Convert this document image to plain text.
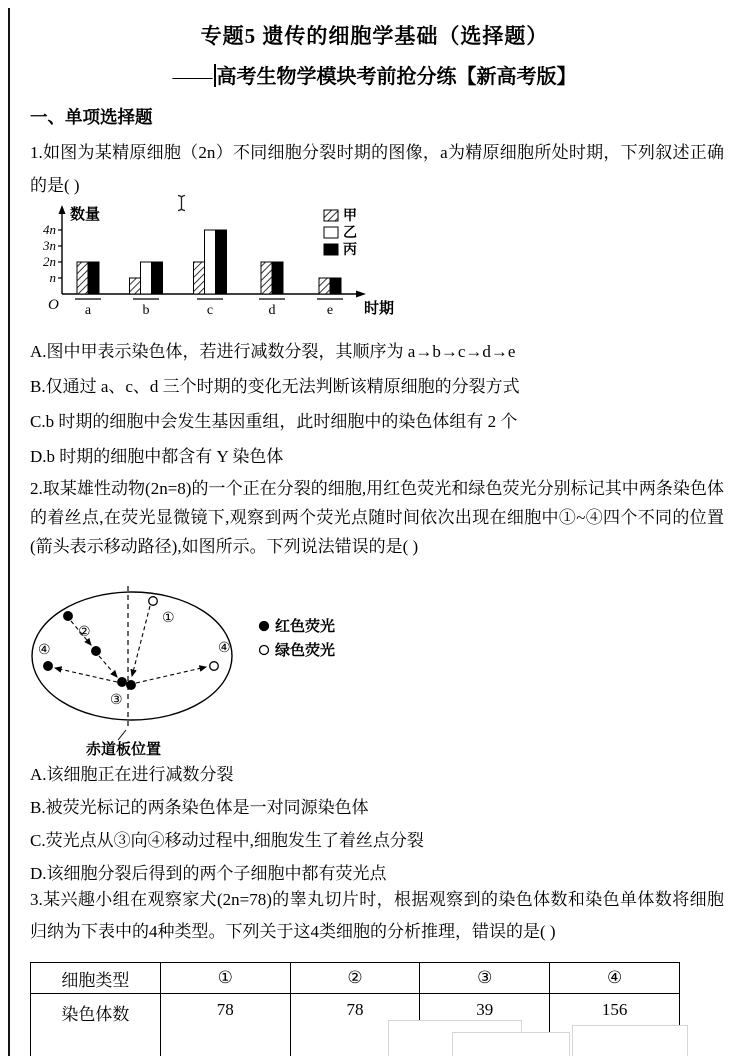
专题5 遗传的细胞学基础（选择题）
—— 高考生物学模块考前抢分练【新高考版】
一、单项选择题
1.如图为某精原细胞（2n）不同细胞分裂时期的图像，a为精原细胞所处时期，下列叙述正确的是( )
数量
时期
O
n
2n
3n
4n
a	b	c	d	e
甲
乙
丙

A.图中甲表示染色体，若进行减数分裂，其顺序为 a→b→c→d→e

B.仅通过 a、c、d 三个时期的变化无法判断该精原细胞的分裂方式

C.b 时期的细胞中会发生基因重组，此时细胞中的染色体组有 2 个

D.b 时期的细胞中都含有 Y 染色体

2.取某雄性动物(2n=8)的一个正在分裂的细胞,用红色荧光和绿色荧光分别标记其中两条染色体的着丝点,在荧光显微镜下,观察到两个荧光点随时间依次出现在细胞中①~④四个不同的位置(箭头表示移动路径),如图所示。下列说法错误的是( )
①
②
③
④	④
赤道板位置
红色荧光
绿色荧光

A.该细胞正在进行减数分裂

B.被荧光标记的两条染色体是一对同源染色体

C.荧光点从③向④移动过程中,细胞发生了着丝点分裂

D.该细胞分裂后得到的两个子细胞中都有荧光点

3.某兴趣小组在观察家犬(2n=78)的睾丸切片时，根据观察到的染色体数和染色单体数将细胞归纳为下表中的4种类型。下列关于这4类细胞的分析推理，错误的是( )
细胞类型	①	②	③	④
染色体数	78	78	39	156
